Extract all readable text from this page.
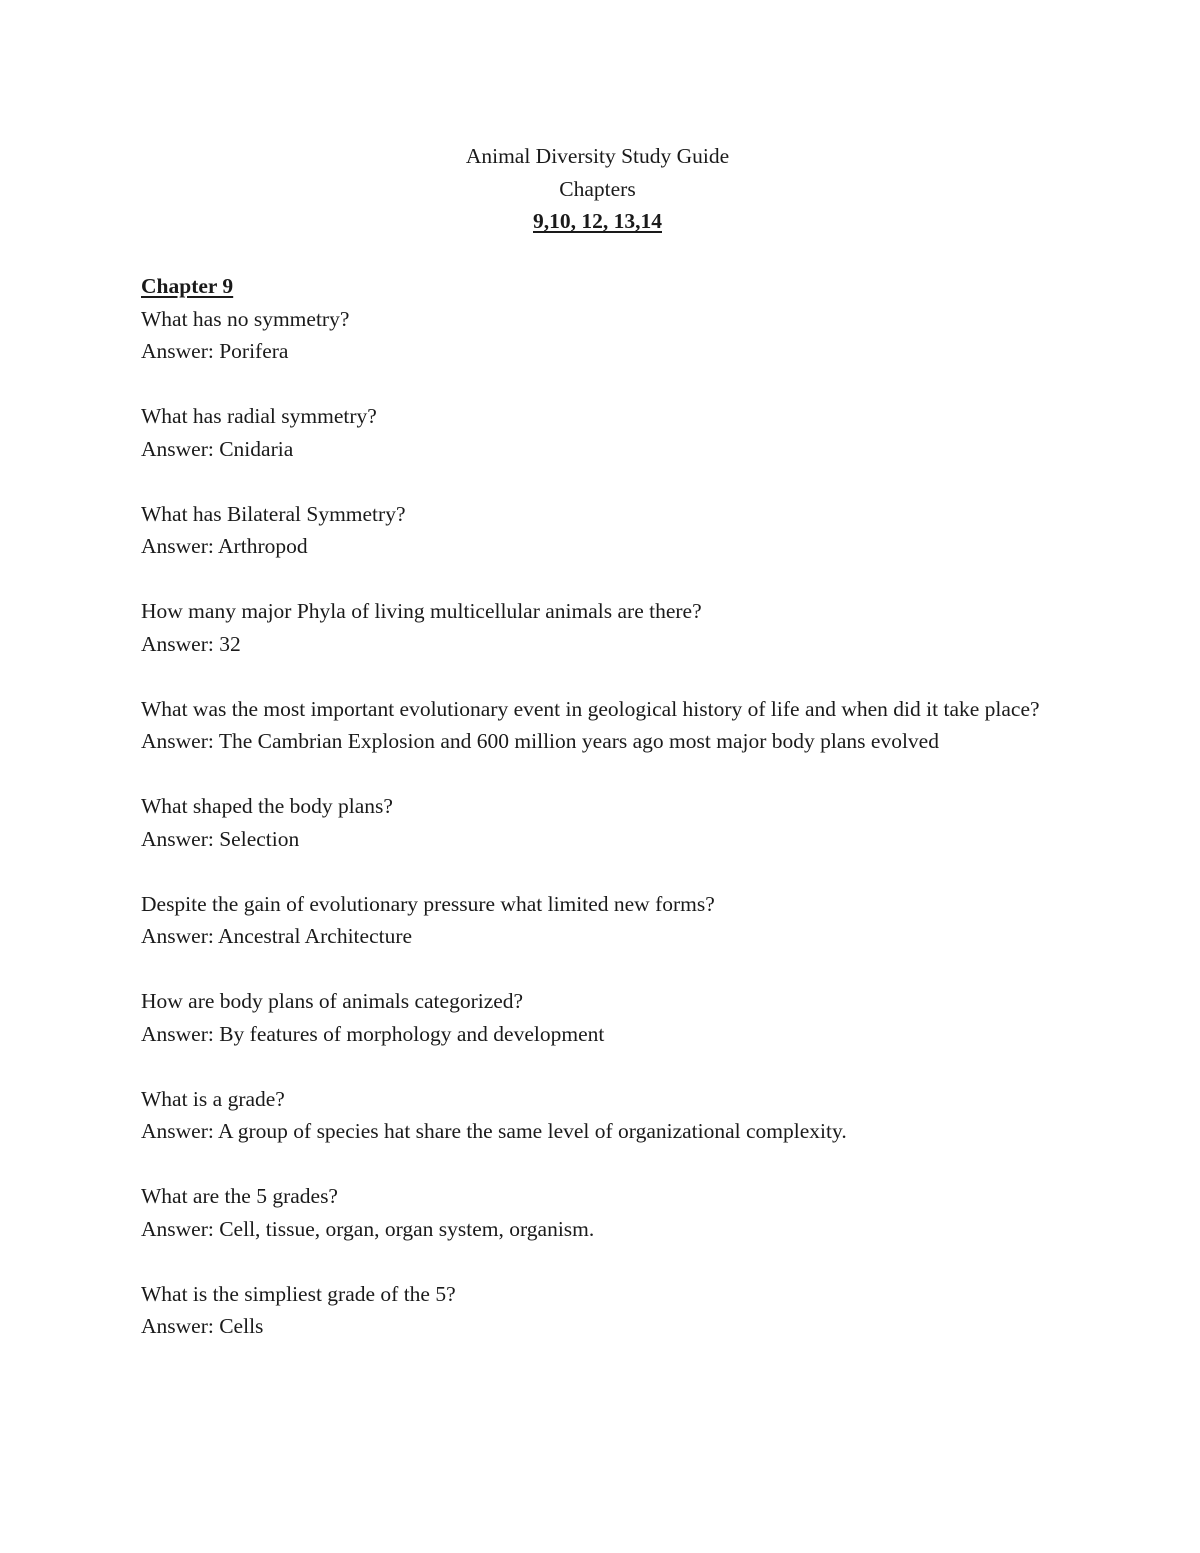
Animal Diversity Study Guide
Chapters
9,10, 12, 13,14
Chapter 9

What has no symmetry?

Answer: Porifera

What has radial symmetry?

Answer: Cnidaria

What has Bilateral Symmetry?

Answer: Arthropod

How many major Phyla of living multicellular animals are there?

Answer: 32

What was the most important evolutionary event in geological history of life and when did it take place?

Answer: The Cambrian Explosion and 600 million years ago most major body plans evolved

What shaped the body plans?

Answer: Selection

Despite the gain of evolutionary pressure what limited new forms?

Answer: Ancestral Architecture

How are body plans of animals categorized?

Answer: By features of morphology and development

What is a grade?

Answer: A group of species hat share the same level of organizational complexity.

What are the 5 grades?

Answer: Cell, tissue, organ, organ system, organism.

What is the simpliest grade of the 5?

Answer: Cells
